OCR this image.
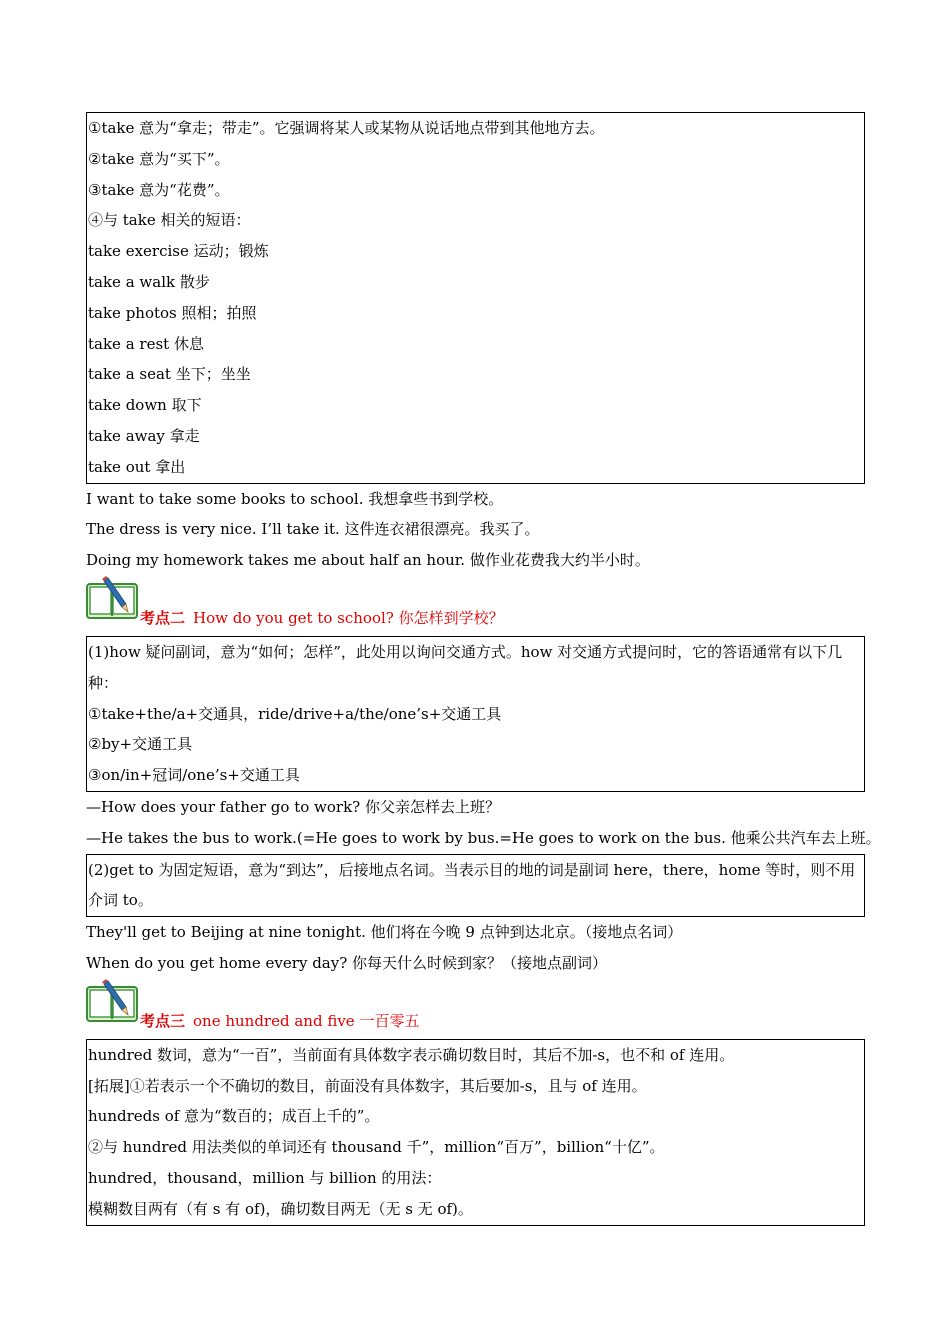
①take 意为“拿走；带走”。它强调将某人或某物从说话地点带到其他地方去。
②take 意为“买下”。
③take 意为“花费”。
④与 take 相关的短语：
take exercise 运动；锻炼
take a walk 散步
take photos 照相；拍照
take a rest 休息
take a seat 坐下；坐坐
take down 取下
take away 拿走
take out 拿出
I want to take some books to school. 我想拿些书到学校。
The dress is very nice. I’ll take it. 这件连衣裙很漂亮。我买了。
Doing my homework takes me about half an hour. 做作业花费我大约半小时。
考点二 How do you get to school? 你怎样到学校？
(1)how 疑问副词，意为“如何；怎样”，此处用以询问交通方式。how 对交通方式提问时，它的答语通常有以下几种：
①take+the/a+交通具，ride/drive+a/the/one’s+交通工具
②by+交通工具
③on/in+冠词/one’s+交通工具
—How does your father go to work? 你父亲怎样去上班？
—He takes the bus to work.(=He goes to work by bus.=He goes to work on the bus. 他乘公共汽车去上班。
(2)get to 为固定短语，意为“到达”，后接地点名词。当表示目的地的词是副词 here，there，home 等时，则不用介词 to。
They'll get to Beijing at nine tonight. 他们将在今晚 9 点钟到达北京。（接地点名词）
When do you get home every day? 你每天什么时候到家？（接地点副词）
考点三 one hundred and five 一百零五
hundred 数词，意为“一百”，当前面有具体数字表示确切数目时，其后不加-s，也不和 of 连用。
[拓展]①若表示一个不确切的数目，前面没有具体数字，其后要加-s，且与 of 连用。
hundreds of 意为“数百的；成百上千的”。
②与 hundred 用法类似的单词还有 thousand 千”，million“百万”，billion“十亿”。
hundred，thousand，million 与 billion 的用法：
模糊数目两有（有 s 有 of)，确切数目两无（无 s 无 of)。
